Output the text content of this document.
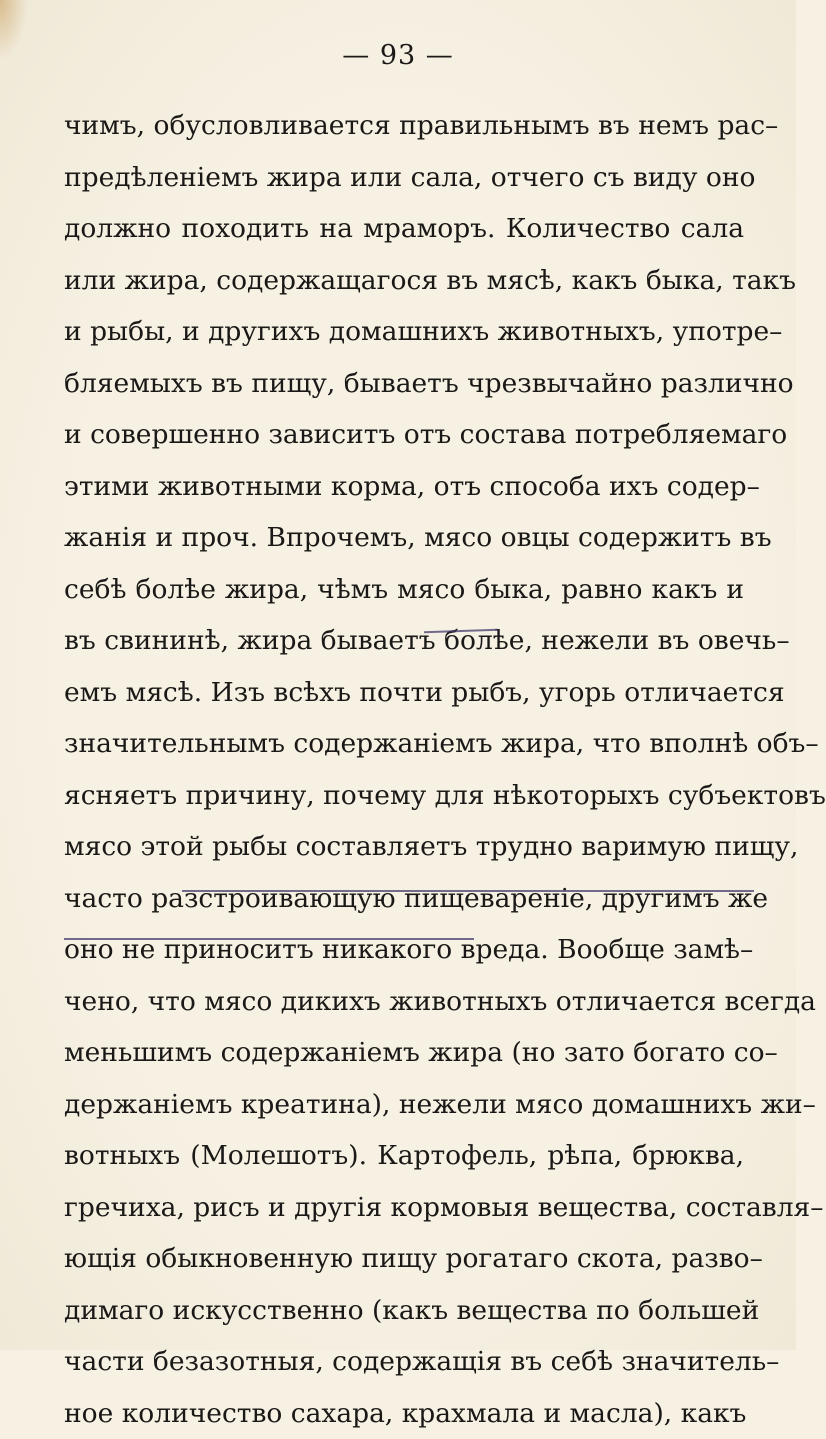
— 93 —
чимъ, обусловливается правильнымъ въ немъ рас–
предѣленіемъ жира или сала, отчего съ виду оно
должно походить на мраморъ. Количество сала
или жира, содержащагося въ мясѣ, какъ быка, такъ
и рыбы, и другихъ домашнихъ животныхъ, употре–
бляемыхъ въ пищу, бываетъ чрезвычайно различно
и совершенно зависитъ отъ состава потребляемаго
этими животными корма, отъ способа ихъ содер–
жанія и проч. Впрочемъ, мясо овцы содержитъ въ
себѣ болѣе жира, чѣмъ мясо быка, равно какъ и
въ свининѣ, жира бываетъ болѣе, нежели въ овечь–
емъ мясѣ. Изъ всѣхъ почти рыбъ, угорь отличается
значительнымъ содержаніемъ жира, что вполнѣ объ–
ясняетъ причину, почему для нѣкоторыхъ субъектовъ
мясо этой рыбы составляетъ трудно варимую пищу,
часто разстроивающую пищевареніе, другимъ же
оно не приноситъ никакого вреда. Вообще замѣ–
чено, что мясо дикихъ животныхъ отличается всегда
меньшимъ содержаніемъ жира (но зато богато со–
держаніемъ креатина), нежели мясо домашнихъ жи–
вотныхъ (Молешотъ). Картофель, рѣпа, брюква,
гречиха, рисъ и другія кормовыя вещества, составля–
ющія обыкновенную пищу рогатаго скота, разво–
димаго искусственно (какъ вещества по большей
части безазотныя, содержащія въ себѣ значитель–
ное количество сахара, крахмала и масла), какъ
